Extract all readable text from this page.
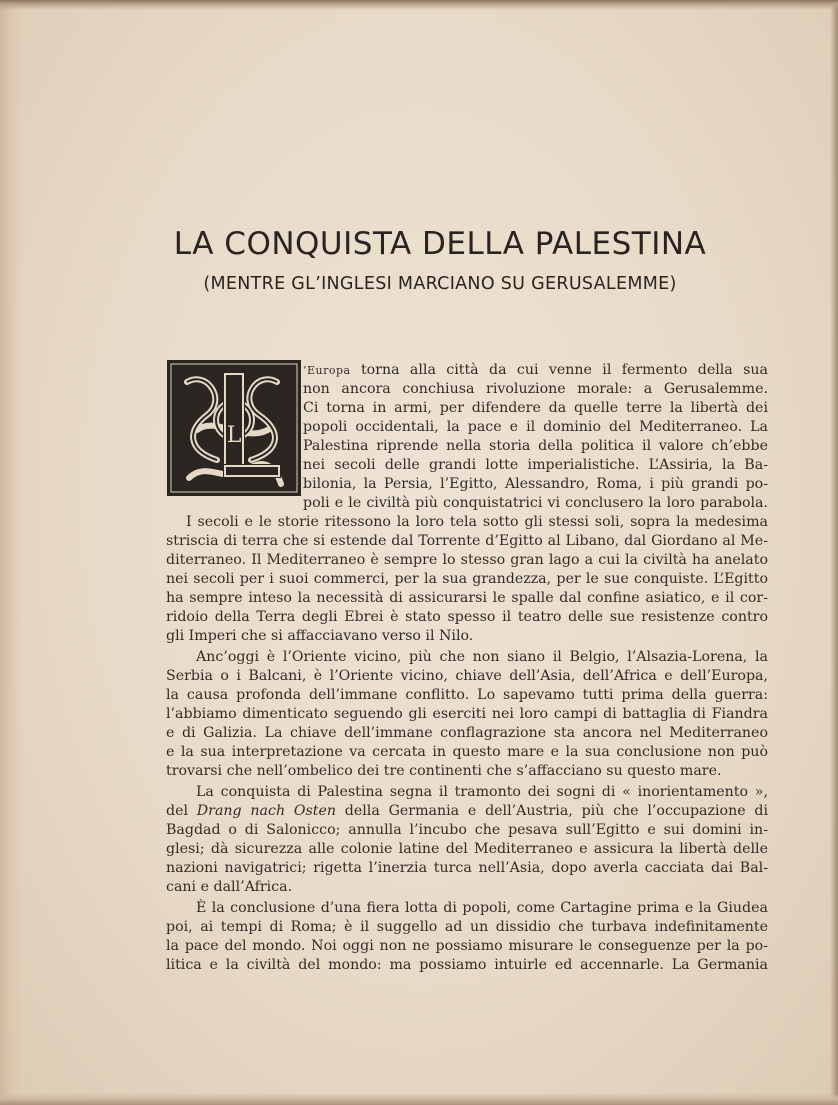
LA CONQUISTA DELLA PALESTINA
(MENTRE GL’INGLESI MARCIANO SU GERUSALEMME)
L
’Europa torna alla città da cui venne il fermento della sua
non ancora conchiusa rivoluzione morale: a Gerusalemme.
Ci torna in armi, per difendere da quelle terre la libertà dei
popoli occidentali, la pace e il dominio del Mediterraneo. La
Palestina riprende nella storia della politica il valore ch’ebbe
nei secoli delle grandi lotte imperialistiche. L’Assiria, la Ba-
bilonia, la Persia, l’Egitto, Alessandro, Roma, i più grandi po-
poli e le civiltà più conquistatrici vi conclusero la loro parabola.
I secoli e le storie ritessono la loro tela sotto gli stessi soli, sopra la medesima
striscia di terra che si estende dal Torrente d’Egitto al Libano, dal Giordano al Me-
diterraneo. Il Mediterraneo è sempre lo stesso gran lago a cui la civiltà ha anelato
nei secoli per i suoi commerci, per la sua grandezza, per le sue conquiste. L’Egitto
ha sempre inteso la necessità di assicurarsi le spalle dal confine asiatico, e il cor-
ridoio della Terra degli Ebrei è stato spesso il teatro delle sue resistenze contro
gli Imperi che si affacciavano verso il Nilo.
Anc’oggi è l’Oriente vicino, più che non siano il Belgio, l’Alsazia-Lorena, la
Serbia o i Balcani, è l’Oriente vicino, chiave dell’Asia, dell’Africa e dell’Europa,
la causa profonda dell’immane conflitto. Lo sapevamo tutti prima della guerra:
l’abbiamo dimenticato seguendo gli eserciti nei loro campi di battaglia di Fiandra
e di Galizia. La chiave dell’immane conflagrazione sta ancora nel Mediterraneo
e la sua interpretazione va cercata in questo mare e la sua conclusione non può
trovarsi che nell’ombelico dei tre continenti che s’affacciano su questo mare.
La conquista di Palestina segna il tramonto dei sogni di « inorientamento »,
del Drang nach Osten della Germania e dell’Austria, più che l’occupazione di
Bagdad o di Salonicco; annulla l’incubo che pesava sull’Egitto e sui domini in-
glesi; dà sicurezza alle colonie latine del Mediterraneo e assicura la libertà delle
nazioni navigatrici; rigetta l’inerzia turca nell’Asia, dopo averla cacciata dai Bal-
cani e dall’Africa.
È la conclusione d’una fiera lotta di popoli, come Cartagine prima e la Giudea
poi, ai tempi di Roma; è il suggello ad un dissidio che turbava indefinitamente
la pace del mondo. Noi oggi non ne possiamo misurare le conseguenze per la po-
litica e la civiltà del mondo: ma possiamo intuirle ed accennarle. La Germania
